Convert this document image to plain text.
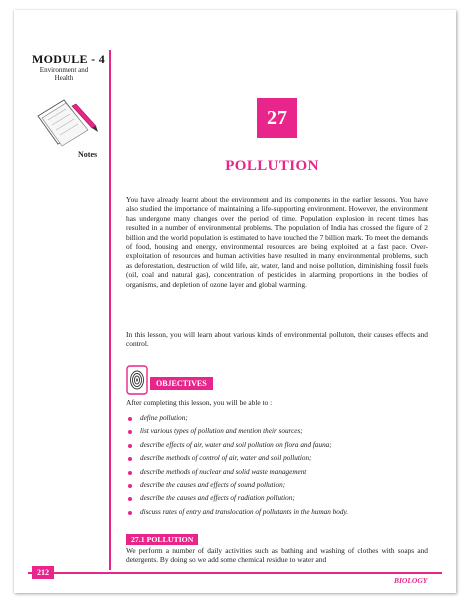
MODULE - 4
Environment and
Health
Notes
27
POLLUTION

You have already learnt about the environment and its components in the earlier lessons. You have also studied the importance of maintaining a life-supporting environment. However, the environment has undergone many changes over the period of time. Population explosion in recent times has resulted in a number of environmental problems. The population of India has crossed the figure of 2 billion and the world population is estimated to have touched the 7 billion mark. To meet the demands of food, housing and energy, environmental resources are being exploited at a fast pace. Over-exploitation of resources and human activities have resulted in many environmental problems, such as deforestation, destruction of wild life, air, water, land and noise pollution, diminishing fossil fuels (oil, coal and natural gas), concentration of pesticides in alarming proportions in the bodies of organisms, and depletion of ozone layer and global warming.

In this lesson, you will learn about various kinds of environmental polluton, their causes effects and control.

OBJECTIVES

After completing this lesson, you will be able to :

define pollution;
list various types of pollution and mention their sources;
describe effects of air, water and soil pollution on flora and fauna;
describe methods of control of air, water and soil pollution;
describe methods of nuclear and solid waste management
describe the causes and effects of sound pollution;
describe the causes and effects of radiation pollution;
discuss rates of entry and translocation of pollutants in the human body.
27.1 POLLUTION

We perform a number of daily activities such as bathing and washing of clothes with soaps and detergents. By doing so we add some chemical residue to water and

212
BIOLOGY
